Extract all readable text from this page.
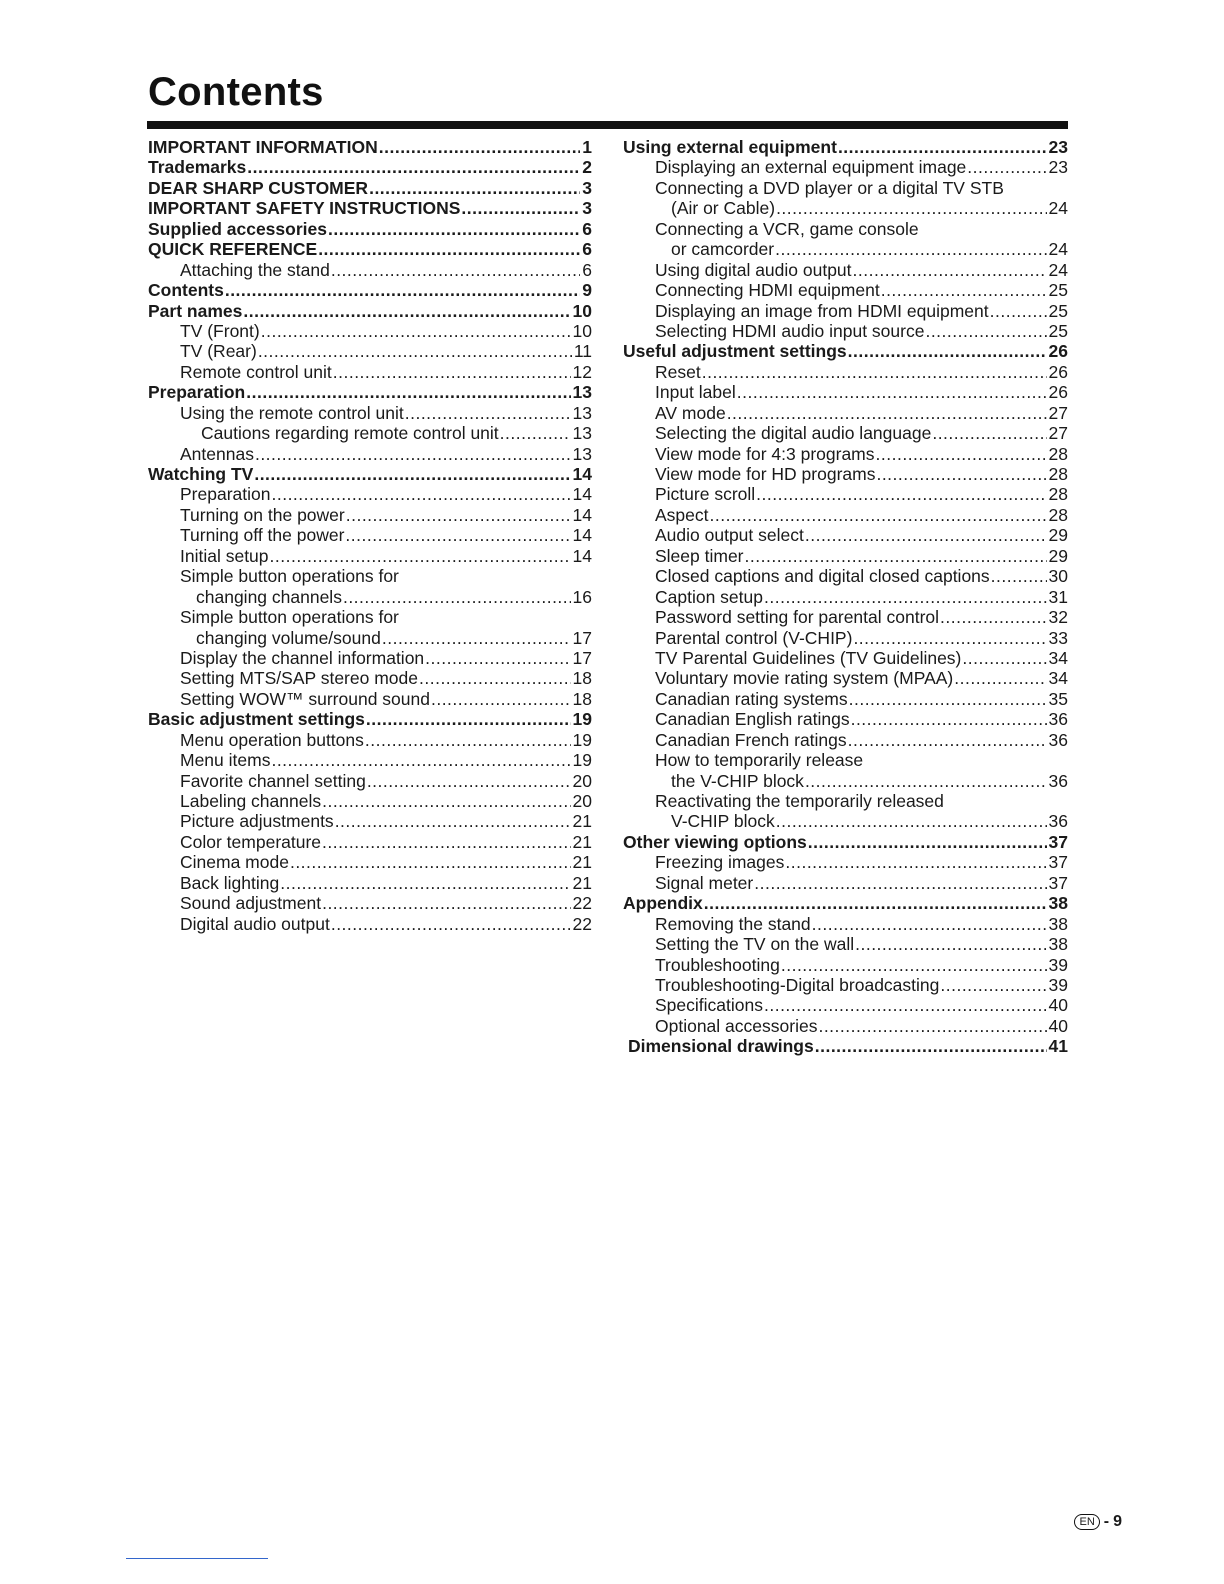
Contents
IMPORTANT INFORMATION .....	1
Trademarks .....	2
DEAR SHARP CUSTOMER .....	3
IMPORTANT SAFETY INSTRUCTIONS .....	3
Supplied accessories .....	6
QUICK REFERENCE .....	6
Attaching the stand .....	6
Contents .....	9
Part names .....	10
TV (Front) .....	10
TV (Rear) .....	11
Remote control unit .....	12
Preparation .....	13
Using the remote control unit .....	13
Cautions regarding remote control unit .....	13
Antennas .....	13
Watching TV .....	14
Preparation .....	14
Turning on the power .....	14
Turning off the power .....	14
Initial setup .....	14
Simple button operations for
changing channels .....	16
Simple button operations for
changing volume/sound .....	17
Display the channel information .....	17
Setting MTS/SAP stereo mode .....	18
Setting WOW™ surround sound .....	18
Basic adjustment settings .....	19
Menu operation buttons .....	19
Menu items .....	19
Favorite channel setting .....	20
Labeling channels .....	20
Picture adjustments .....	21
Color temperature .....	21
Cinema mode .....	21
Back lighting .....	21
Sound adjustment .....	22
Digital audio output .....	22
Using external equipment .....	23
Displaying an external equipment image .....	23
Connecting a DVD player or a digital TV STB
(Air or Cable) .....	24
Connecting a VCR, game console
or camcorder .....	24
Using digital audio output .....	24
Connecting HDMI equipment .....	25
Displaying an image from HDMI equipment .....	25
Selecting HDMI audio input source .....	25
Useful adjustment settings .....	26
Reset .....	26
Input label .....	26
AV mode .....	27
Selecting the digital audio language .....	27
View mode for 4:3 programs .....	28
View mode for HD programs .....	28
Picture scroll .....	28
Aspect .....	28
Audio output select .....	29
Sleep timer .....	29
Closed captions and digital closed captions .....	30
Caption setup .....	31
Password setting for parental control .....	32
Parental control (V-CHIP) .....	33
TV Parental Guidelines (TV Guidelines) .....	34
Voluntary movie rating system (MPAA) .....	34
Canadian rating systems .....	35
Canadian English ratings .....	36
Canadian French ratings .....	36
How to temporarily release
the V-CHIP block .....	36
Reactivating the temporarily released
V-CHIP block .....	36
Other viewing options .....	37
Freezing images .....	37
Signal meter .....	37
Appendix .....	38
Removing the stand .....	38
Setting the TV on the wall .....	38
Troubleshooting .....	39
Troubleshooting-Digital broadcasting .....	39
Specifications .....	40
Optional accessories .....	40
Dimensional drawings .....	41
EN - 9
